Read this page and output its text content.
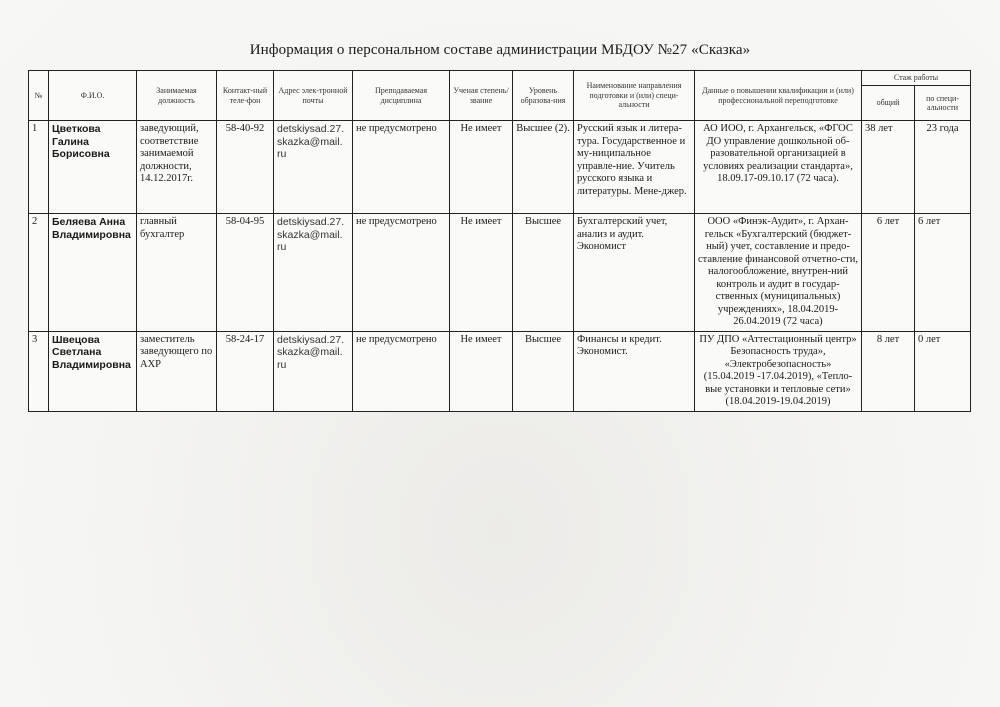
Информация о персональном составе администрации МБДОУ №27 «Сказка»
№	Ф.И.О.	Занимаемая должность	Контакт-ный теле-фон	Адрес элек-тронной почты	Преподаваемая дисциплина	Ученая степень/ звание	Уровень образова-ния	Наименование направления подготовки и (или) специ-альности	Данные о повышении квалификации и (или) профессиональной переподготовке	Стаж работы	
										общий	по специ-альности
1	Цветкова Галина Борисовна	заведующий, соответствие занимаемой должности, 14.12.2017г.	58-40-92	detskiysad.27. skazka@mail. ru	не предусмотрено	Не имеет	Высшее (2).	Русский язык и литера-тура. Государственное и му-ниципальное управле-ние. Учитель русского языка и литературы. Мене-джер.	АО ИОО, г. Архангельск, «ФГОС ДО управление дошкольной об-разовательной организацией в условиях реализации стандарта», 18.09.17-09.10.17 (72 часа).	38 лет	23 года
2	Беляева Анна Владимировна	главный бухгалтер	58-04-95	detskiysad.27. skazka@mail. ru	не предусмотрено	Не имеет	Высшее	Бухгалтерский учет, анализ и аудит. Экономист	ООО «Финэк-Аудит», г. Архан-гельск «Бухгалтерский (бюджет-ный) учет, составление и предо-ставление финансовой отчетно-сти, налогообложение, внутрен-ний контроль и аудит в государ-ственных (муниципальных) учреждениях», 18.04.2019-26.04.2019 (72 часа)	6 лет	6 лет
3	Швецова Светлана Владимировна	заместитель заведующего по АХР	58-24-17	detskiysad.27. skazka@mail. ru	не предусмотрено	Не имеет	Высшее	Финансы и кредит. Экономист.	ПУ ДПО «Аттестационный центр» Безопасность труда», «Электробезопасность» (15.04.2019 -17.04.2019), «Тепло-вые установки и тепловые сети» (18.04.2019-19.04.2019)	8 лет	0 лет
